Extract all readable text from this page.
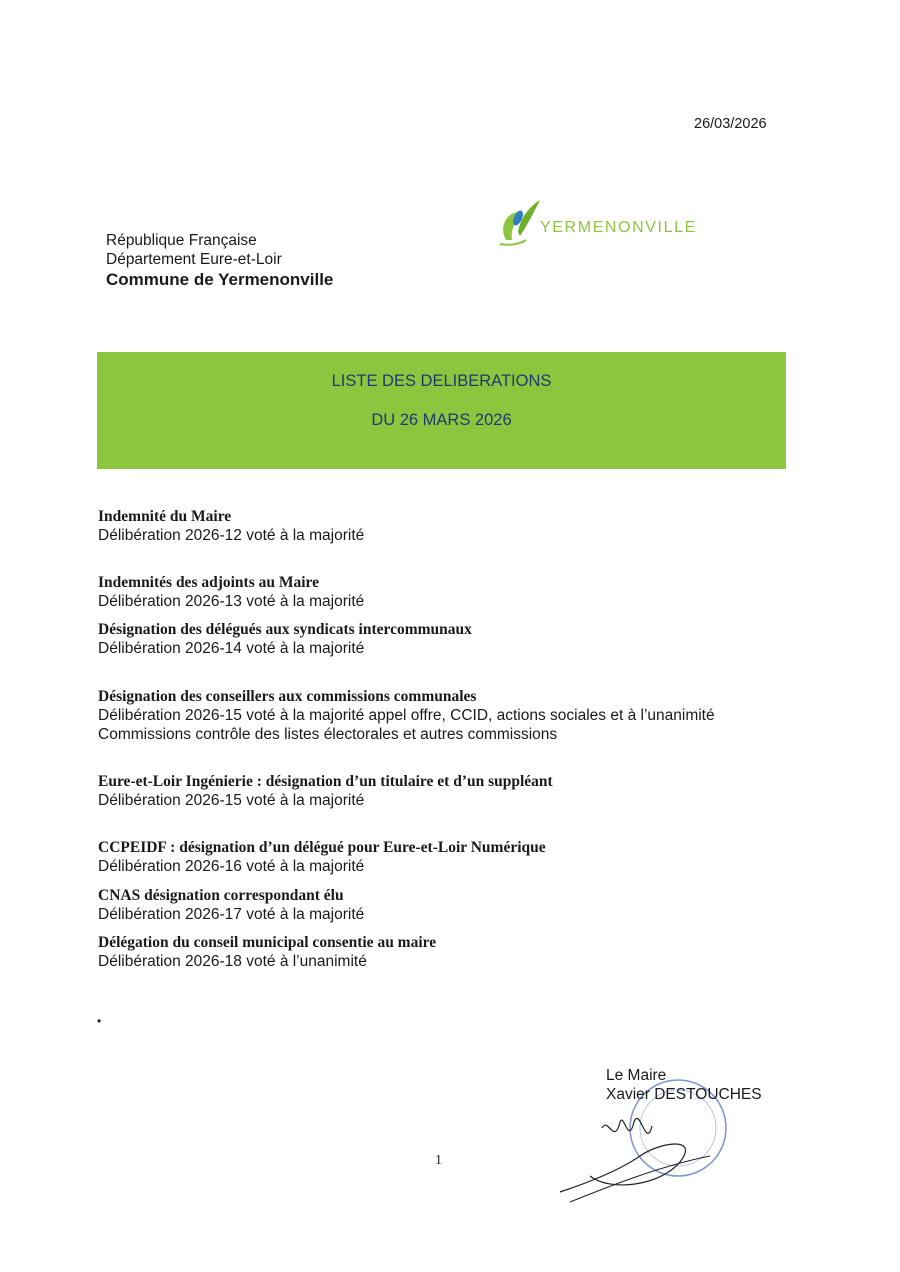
26/03/2026
YERMENONVILLE
République Française
Département Eure-et-Loir
Commune de Yermenonville
LISTE DES DELIBERATIONS
DU 26 MARS 2026
Indemnité du Maire
Délibération 2026-12 voté à la majorité
Indemnités des adjoints au Maire
Délibération 2026-13 voté à la majorité
Désignation des délégués aux syndicats intercommunaux
Délibération 2026-14 voté à la majorité
Désignation des conseillers aux commissions communales
Délibération 2026-15 voté à la majorité appel offre, CCID, actions sociales et à l’unanimité
Commissions contrôle des listes électorales et autres commissions
Eure-et-Loir Ingénierie : désignation d’un titulaire et d’un suppléant
Délibération 2026-15 voté à la majorité
CCPEIDF : désignation d’un délégué pour Eure-et-Loir Numérique
Délibération 2026-16 voté à la majorité
CNAS désignation correspondant élu
Délibération 2026-17 voté à la majorité
Délégation du conseil municipal consentie au maire
Délibération 2026-18 voté à l’unanimité
•
Le Maire
Xavier DESTOUCHES
1
